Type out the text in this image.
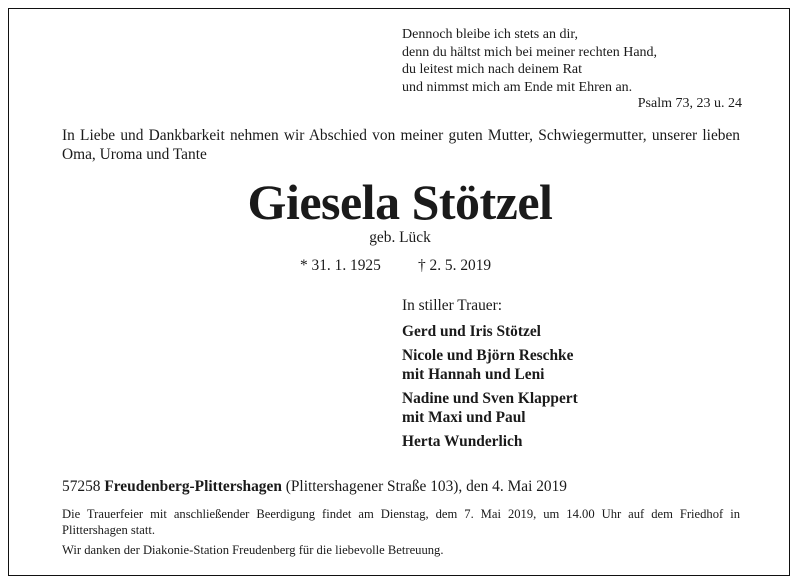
Dennoch bleibe ich stets an dir,
denn du hältst mich bei meiner rechten Hand,
du leitest mich nach deinem Rat
und nimmst mich am Ende mit Ehren an.
Psalm 73, 23 u. 24
In Liebe und Dankbarkeit nehmen wir Abschied von meiner guten Mutter, Schwiegermutter, unserer lieben Oma, Uroma und Tante
Giesela Stötzel
geb. Lück
* 31. 1. 1925 † 2. 5. 2019
In stiller Trauer:
Gerd und Iris Stötzel
Nicole und Björn Reschke
mit Hannah und Leni
Nadine und Sven Klappert
mit Maxi und Paul
Herta Wunderlich
57258 Freudenberg-Plittershagen (Plittershagener Straße 103), den 4. Mai 2019
Die Trauerfeier mit anschließender Beerdigung findet am Dienstag, dem 7. Mai 2019, um 14.00 Uhr auf dem Friedhof in Plittershagen statt.
Wir danken der Diakonie-Station Freudenberg für die liebevolle Betreuung.
